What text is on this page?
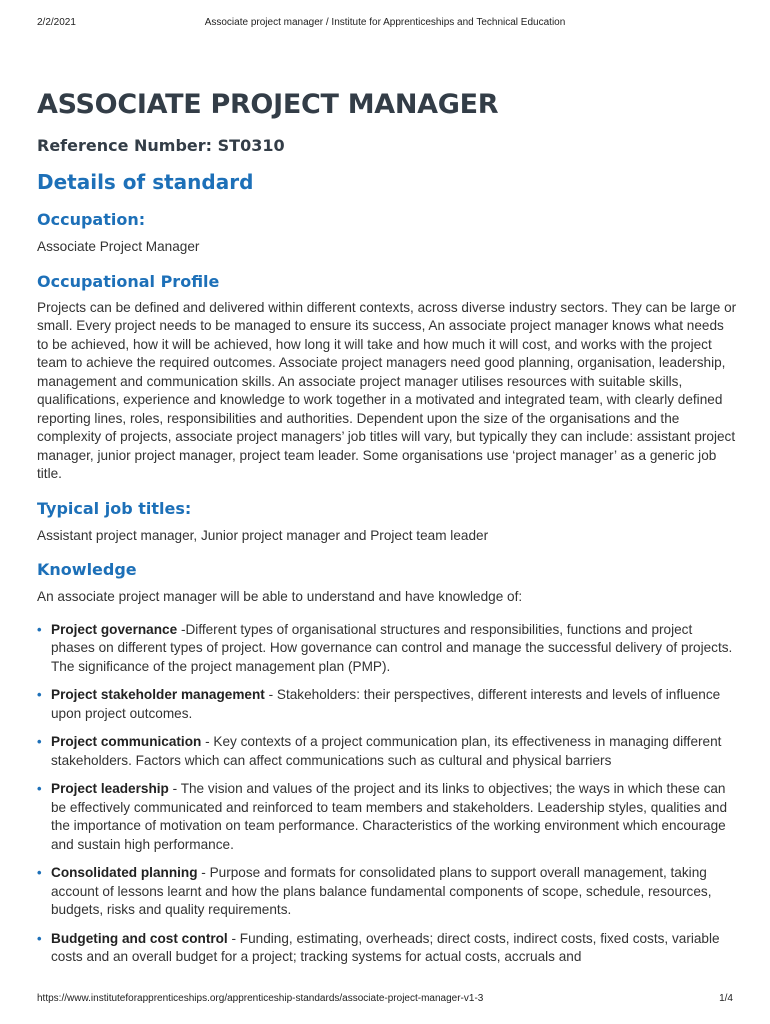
2/2/2021	Associate project manager / Institute for Apprenticeships and Technical Education
ASSOCIATE PROJECT MANAGER
Reference Number: ST0310
Details of standard
Occupation:

Associate Project Manager

Occupational Profile

Projects can be defined and delivered within different contexts, across diverse industry sectors. They can be large or small. Every project needs to be managed to ensure its success, An associate project manager knows what needs to be achieved, how it will be achieved, how long it will take and how much it will cost, and works with the project team to achieve the required outcomes. Associate project managers need good planning, organisation, leadership, management and communication skills. An associate project manager utilises resources with suitable skills, qualifications, experience and knowledge to work together in a motivated and integrated team, with clearly defined reporting lines, roles, responsibilities and authorities. Dependent upon the size of the organisations and the complexity of projects, associate project managers’ job titles will vary, but typically they can include: assistant project manager, junior project manager, project team leader. Some organisations use ‘project manager’ as a generic job title.

Typical job titles:

Assistant project manager, Junior project manager and Project team leader

Knowledge

An associate project manager will be able to understand and have knowledge of:

• Project governance -Different types of organisational structures and responsibilities, functions and project phases on different types of project. How governance can control and manage the successful delivery of projects. The significance of the project management plan (PMP).
• Project stakeholder management - Stakeholders: their perspectives, different interests and levels of influence upon project outcomes.
• Project communication - Key contexts of a project communication plan, its effectiveness in managing different stakeholders. Factors which can affect communications such as cultural and physical barriers
• Project leadership - The vision and values of the project and its links to objectives; the ways in which these can be effectively communicated and reinforced to team members and stakeholders. Leadership styles, qualities and the importance of motivation on team performance. Characteristics of the working environment which encourage and sustain high performance.
• Consolidated planning - Purpose and formats for consolidated plans to support overall management, taking account of lessons learnt and how the plans balance fundamental components of scope, schedule, resources, budgets, risks and quality requirements.
• Budgeting and cost control - Funding, estimating, overheads; direct costs, indirect costs, fixed costs, variable costs and an overall budget for a project; tracking systems for actual costs, accruals and
https://www.instituteforapprenticeships.org/apprenticeship-standards/associate-project-manager-v1-3	1/4
